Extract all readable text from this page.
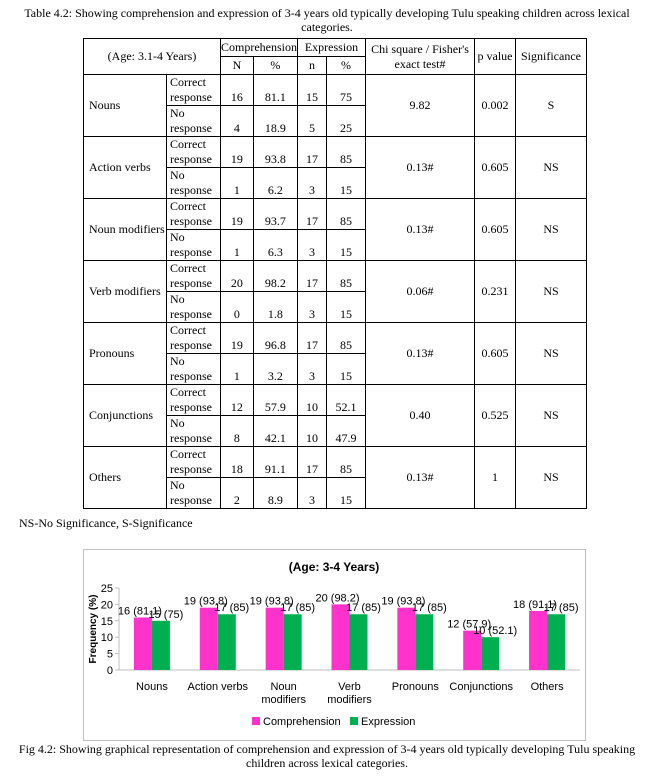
Table 4.2: Showing comprehension and expression of 3-4 years old typically developing Tulu speaking children across lexical categories.
(Age: 3.1-4 Years)		Comprehension		Expression		Chi square / Fisher's exact test#	p value	Significance
		N	%	n	%			
Nouns	Correct response	16	81.1	15	75	9.82	0.002	S

	No response	4	18.9	5	25			
Action verbs	Correct response	19	93.8	17	85	0.13#	0.605	NS

	No response	1	6.2	3	15			
Noun modifiers	Correct response	19	93.7	17	85	0.13#	0.605	NS

	No response	1	6.3	3	15			
Verb modifiers	Correct response	20	98.2	17	85	0.06#	0.231	NS

	No response	0	1.8	3	15			
Pronouns	Correct response	19	96.8	17	85	0.13#	0.605	NS

	No response	1	3.2	3	15			
Conjunctions	Correct response	12	57.9	10	52.1	0.40	0.525	NS

	No response	8	42.1	10	47.9			
Others	Correct response	18	91.1	17	85	0.13#	1	NS

	No response	2	8.9	3	15			
NS-No Significance, S-Significance
(Age: 3-4 Years)
Frequency (%)
0
5
10
15
20
25
16 (81.1)
15 (75)
Nouns
19 (93.8)
17 (85)
Action verbs
19 (93.8)
17 (85)
Noun
modifiers
20 (98.2)
17 (85)
Verb
modifiers
19 (93.8)
17 (85)
Pronouns
12 (57.9)
10 (52.1)
Conjunctions
18 (91.1)
17 (85)
Others
Comprehension Expression
Fig 4.2: Showing graphical representation of comprehension and expression of 3-4 years old typically developing Tulu speaking children across lexical categories.
